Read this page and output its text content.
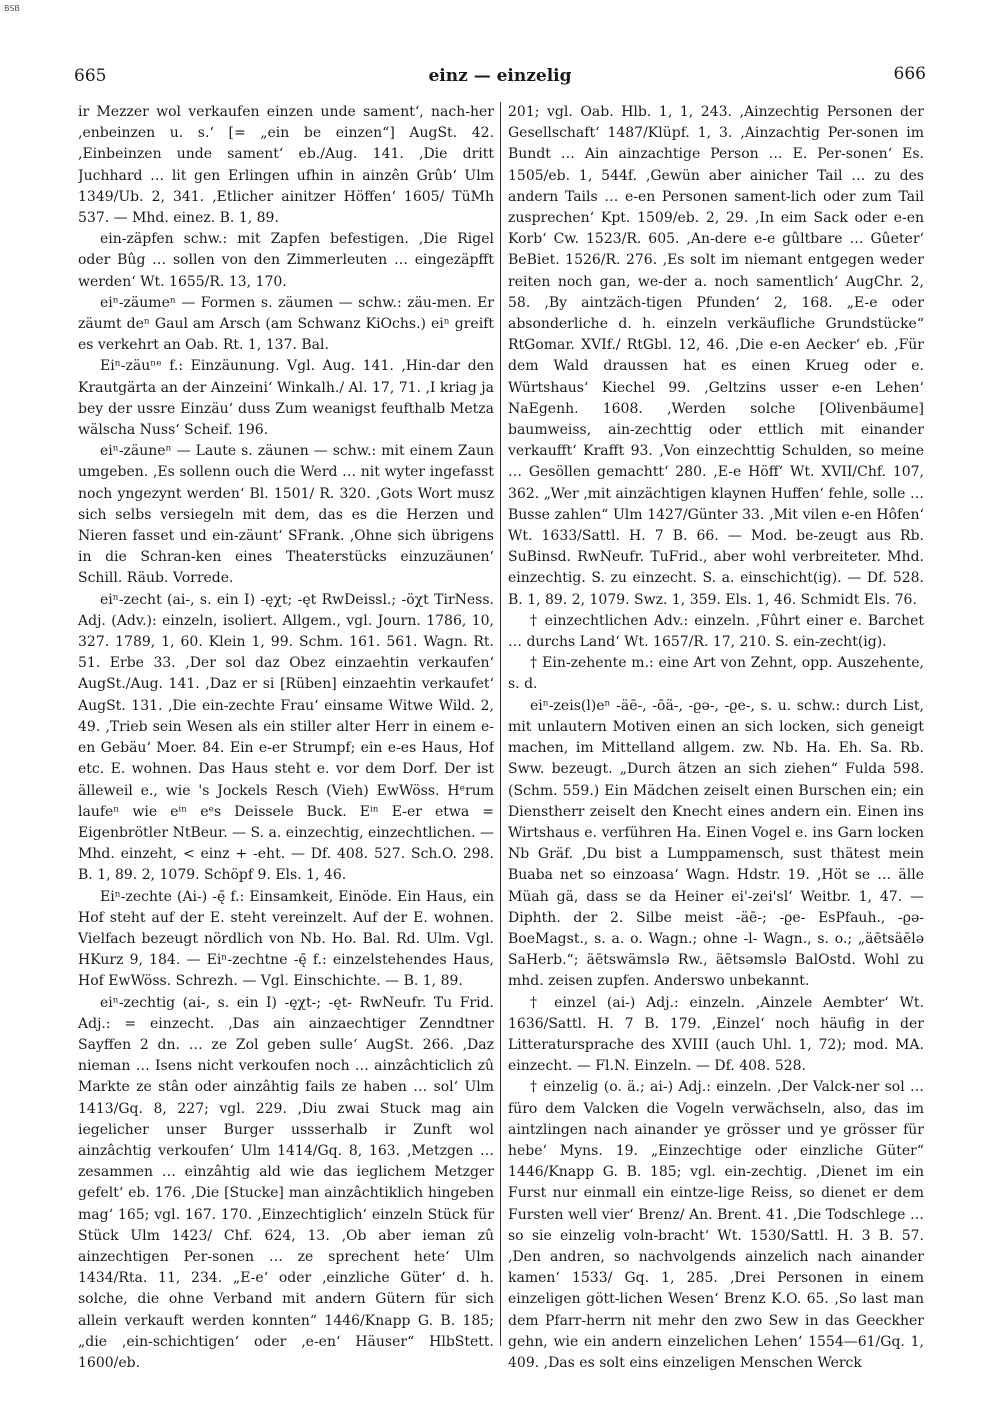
BSB
665	einz — einzelig	666

ir Mezzer wol verkaufen einzen unde sament‘, nach-her ‚enbeinzen u. s.‘ [= „ein be einzen“] AugSt. 42. ‚Einbeinzen unde sament‘ eb./Aug. 141. ‚Die dritt Juchhard … lit gen Erlingen ufhin in ainzên Grûb‘ Ulm 1349/Ub. 2, 341. ‚Etlicher ainitzer Höffen‘ 1605/ TüMh 537. — Mhd. einez. B. 1, 89.

ein-zäpfen schw.: mit Zapfen befestigen. ‚Die Rigel oder Bûg … sollen von den Zimmerleuten … eingezäpfft werden‘ Wt. 1655/R. 13, 170.

eiⁿ-zäumeⁿ — Formen s. zäumen — schw.: zäu-men. Er zäumt deⁿ Gaul am Arsch (am Schwanz KiOchs.) eiⁿ greift es verkehrt an Oab. Rt. 1, 137. Bal.

Eiⁿ-zäuⁿᵉ f.: Einzäunung. Vgl. Aug. 141. ‚Hin-dar den Krautgärta an der Ainzeini‘ Winkalh./ Al. 17, 71. ‚I kriag ja bey der ussre Einzäu‘ duss Zum weanigst feufthalb Metza wälscha Nuss‘ Scheif. 196.

eiⁿ-zäuneⁿ — Laute s. zäunen — schw.: mit einem Zaun umgeben. ‚Es sollenn ouch die Werd … nit wyter ingefasst noch yngezynt werden‘ Bl. 1501/ R. 320. ‚Gots Wort musz sich selbs versiegeln mit dem, das es die Herzen und Nieren fasset und ein-zäunt‘ SFrank. ‚Ohne sich übrigens in die Schran-ken eines Theaterstücks einzuzäunen‘ Schill. Räub. Vorrede.

eiⁿ-zecht (ai-, s. ein I) -ęχt; -ęt RwDeissl.; -öχt TirNess. Adj. (Adv.): einzeln, isoliert. Allgem., vgl. Journ. 1786, 10, 327. 1789, 1, 60. Klein 1, 99. Schm. 161. 561. Wagn. Rt. 51. Erbe 33. ‚Der sol daz Obez einzaehtin verkaufen‘ AugSt./Aug. 141. ‚Daz er si [Rüben] einzaehtin verkaufet‘ AugSt. 131. ‚Die ein-zechte Frau‘ einsame Witwe Wild. 2, 49. ‚Trieb sein Wesen als ein stiller alter Herr in einem e-en Gebäu‘ Moer. 84. Ein e-er Strumpf; ein e-es Haus, Hof etc. E. wohnen. Das Haus steht e. vor dem Dorf. Der ist älleweil e., wie 's Jockels Resch (Vieh) EwWöss. Hᵉrum laufeⁿ wie eⁱⁿ eᵉs Deissele Buck. Eⁱⁿ E-er etwa = Eigenbrötler NtBeur. — S. a. einzechtig, einzechtlichen. — Mhd. einzeht, < einz + -eht. — Df. 408. 527. Sch.O. 298. B. 1, 89. 2, 1079. Schöpf 9. Els. 1, 46.

Eiⁿ-zechte (Ai-) -ę̄ f.: Einsamkeit, Einöde. Ein Haus, ein Hof steht auf der E. steht vereinzelt. Auf der E. wohnen. Vielfach bezeugt nördlich von Nb. Ho. Bal. Rd. Ulm. Vgl. HKurz 9, 184. — Eiⁿ-zechtne -ę̄ f.: einzelstehendes Haus, Hof EwWöss. Schrezh. — Vgl. Einschichte. — B. 1, 89.

eiⁿ-zechtig (ai-, s. ein I) -ęχt-; -ęt- RwNeufr. Tu Frid. Adj.: = einzecht. ‚Das ain ainzaechtiger Zenndtner Sayffen 2 dn. … ze Zol geben sulle‘ AugSt. 266. ‚Daz nieman … Isens nicht verkoufen noch … ainzâchticlich zû Markte ze stân oder ainzâhtig fails ze haben … sol‘ Ulm 1413/Gq. 8, 227; vgl. 229. ‚Diu zwai Stuck mag ain iegelicher unser Burger ussserhalb ir Zunft wol ainzâchtig verkoufen‘ Ulm 1414/Gq. 8, 163. ‚Metzgen … zesammen … einzâhtig ald wie das ieglichem Metzger gefelt‘ eb. 176. ‚Die [Stucke] man ainzâchtiklich hingeben mag‘ 165; vgl. 167. 170. ‚Einzechtiglich‘ einzeln Stück für Stück Ulm 1423/ Chf. 624, 13. ‚Ob aber ieman zû ainzechtigen Per-sonen … ze sprechent hete‘ Ulm 1434/Rta. 11, 234. „E-e‘ oder ‚einzliche Güter‘ d. h. solche, die ohne Verband mit andern Gütern für sich allein verkauft werden konnten“ 1446/Knapp G. B. 185; „die ‚ein-schichtigen‘ oder ‚e-en‘ Häuser“ HlbStett. 1600/eb.

201; vgl. Oab. Hlb. 1, 1, 243. ‚Ainzechtig Personen der Gesellschaft‘ 1487/Klüpf. 1, 3. ‚Ainzachtig Per-sonen im Bundt … Ain ainzachtige Person … E. Per-sonen‘ Es. 1505/eb. 1, 544f. ‚Gewün aber ainicher Tail … zu des andern Tails … e-en Personen sament-lich oder zum Tail zusprechen‘ Kpt. 1509/eb. 2, 29. ‚In eim Sack oder e-en Korb‘ Cw. 1523/R. 605. ‚An-dere e-e gûltbare … Gûeter‘ BeBiet. 1526/R. 276. ‚Es solt im niemant entgegen weder reiten noch gan, we-der a. noch samentlich‘ AugChr. 2, 58. ‚By aintzäch-tigen Pfunden‘ 2, 168. „E-e oder absonderliche d. h. einzeln verkäufliche Grundstücke“ RtGomar. XVIf./ RtGbl. 12, 46. ‚Die e-en Aecker‘ eb. ‚Für dem Wald draussen hat es einen Krueg oder e. Würtshaus‘ Kiechel 99. ‚Geltzins usser e-en Lehen‘ NaEgenh. 1608. ‚Werden solche [Olivenbäume] baumweiss, ain-zechttig oder ettlich mit einander verkaufft‘ Krafft 93. ‚Von einzechttig Schulden, so meine … Gesöllen gemachtt‘ 280. ‚E-e Höff‘ Wt. XVII/Chf. 107, 362. „Wer ‚mit ainzächtigen klaynen Huffen‘ fehle, solle … Busse zahlen“ Ulm 1427/Günter 33. ‚Mit vilen e-en Hôfen‘ Wt. 1633/Sattl. H. 7 B. 66. — Mod. be-zeugt aus Rb. SuBinsd. RwNeufr. TuFrid., aber wohl verbreiteter. Mhd. einzechtig. S. zu einzecht. S. a. einschicht(ig). — Df. 528. B. 1, 89. 2, 1079. Swz. 1, 359. Els. 1, 46. Schmidt Els. 76.

† einzechtlichen Adv.: einzeln. ‚Fûhrt einer e. Barchet … durchs Land‘ Wt. 1657/R. 17, 210. S. ein-zecht(ig).

† Ein-zehente m.: eine Art von Zehnt, opp. Auszehente, s. d.

eiⁿ-zeis(l)eⁿ -äē-, -ōä-, -ϱə-, -ϱe-, s. u. schw.: durch List, mit unlautern Motiven einen an sich locken, sich geneigt machen, im Mittelland allgem. zw. Nb. Ha. Eh. Sa. Rb. Sww. bezeugt. „Durch ätzen an sich ziehen“ Fulda 598. (Schm. 559.) Ein Mädchen zeiselt einen Burschen ein; ein Dienstherr zeiselt den Knecht eines andern ein. Einen ins Wirtshaus e. verführen Ha. Einen Vogel e. ins Garn locken Nb Gräf. ‚Du bist a Lumppamensch, sust thätest mein Buaba net so einzoasa‘ Wagn. Hdstr. 19. ‚Höt se … älle Müah gä, dass se da Heiner ei'-zei'sl‘ Weitbr. 1, 47. — Diphth. der 2. Silbe meist -äē-; -ϱe- EsPfauh., -ϱə- BoeMagst., s. a. o. Wagn.; ohne -l- Wagn., s. o.; „äētsäēlə SaHerb.“; äētswämslə Rw., äētsəmslə BalOstd. Wohl zu mhd. zeisen zupfen. Anderswo unbekannt.

† einzel (ai-) Adj.: einzeln. ‚Ainzele Aembter‘ Wt. 1636/Sattl. H. 7 B. 179. ‚Einzel‘ noch häufig in der Litteratursprache des XVIII (auch Uhl. 1, 72); mod. MA. einzecht. — Fl.N. Einzeln. — Df. 408. 528.

† einzelig (o. ä.; ai-) Adj.: einzeln. ‚Der Valck-ner sol … füro dem Valcken die Vogeln verwächseln, also, das im aintzlingen nach ainander ye grösser und ye grösser für hebe‘ Myns. 19. „Einzechtige oder einzliche Güter“ 1446/Knapp G. B. 185; vgl. ein-zechtig. ‚Dienet im ein Furst nur einmall ein eintze-lige Reiss, so dienet er dem Fursten well vier‘ Brenz/ An. Brent. 41. ‚Die Todschlege … so sie einzelig voln-bracht‘ Wt. 1530/Sattl. H. 3 B. 57. ‚Den andren, so nachvolgends ainzelich nach ainander kamen‘ 1533/ Gq. 1, 285. ‚Drei Personen in einem einzeligen gött-lichen Wesen‘ Brenz K.O. 65. ‚So last man dem Pfarr-herrn nit mehr den zwo Sew in das Geeckher gehn, wie ein andern einzelichen Lehen‘ 1554—61/Gq. 1, 409. ‚Das es solt eins einzeligen Menschen Werck
